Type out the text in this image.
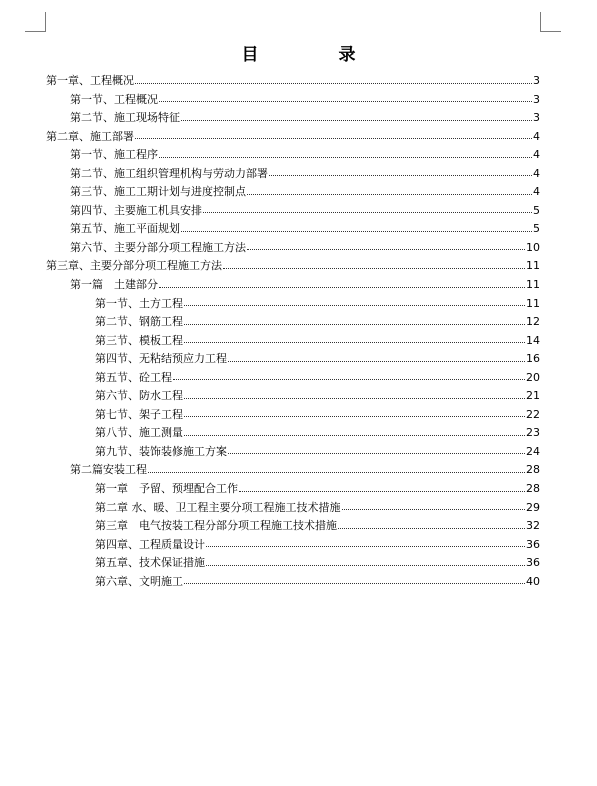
目	录
第一章、工程概况	3
第一节、工程概况	3
第二节、施工现场特征	3
第二章、施工部署	4
第一节、施工程序	4
第二节、施工组织管理机构与劳动力部署	4
第三节、施工工期计划与进度控制点	4
第四节、主要施工机具安排	5
第五节、施工平面规划	5
第六节、主要分部分项工程施工方法	10
第三章、主要分部分项工程施工方法	11
第一篇　土建部分	11
第一节、土方工程	11
第二节、钢筋工程	12
第三节、模板工程	14
第四节、无粘结预应力工程	16
第五节、砼工程	20
第六节、防水工程	21
第七节、架子工程	22
第八节、施工测量	23
第九节、装饰装修施工方案	24
第二篇安装工程	28
第一章　予留、预埋配合工作	28
第二章 水、暖、卫工程主要分项工程施工技术措施	29
第三章　电气按装工程分部分项工程施工技术措施	32
第四章、工程质量设计	36
第五章、技术保证措施	36
第六章、文明施工	40
